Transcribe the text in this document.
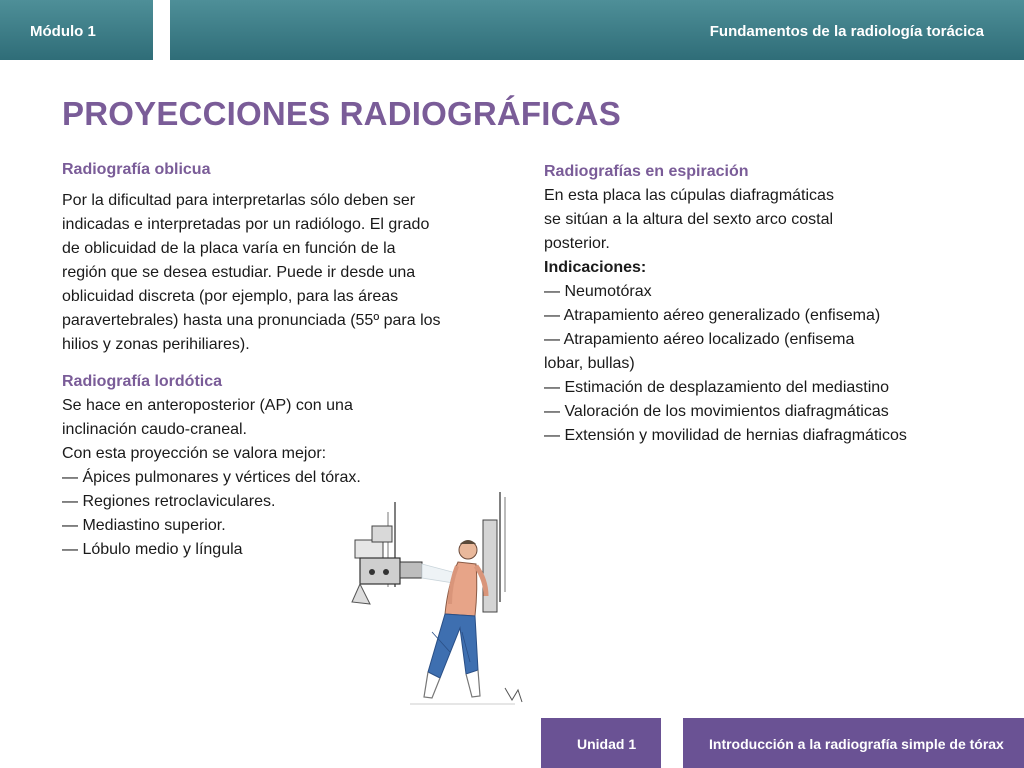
Módulo 1	Fundamentos de la radiología torácica
PROYECCIONES RADIOGRÁFICAS
Radiografía oblicua
Por la dificultad para interpretarlas sólo deben ser
indicadas e interpretadas por un radiólogo. El grado
de oblicuidad de la placa varía en función de la
región que se desea estudiar. Puede ir desde una
oblicuidad discreta (por ejemplo, para las áreas
paravertebrales) hasta una pronunciada (55º para los
hilios y zonas perihiliares).
Radiografía lordótica
Se hace en anteroposterior (AP) con una
inclinación caudo-craneal.
Con esta proyección se valora mejor:
— Ápices pulmonares y vértices del tórax.
— Regiones retroclaviculares.
— Mediastino superior.
— Lóbulo medio y língula
Radiografías en espiración
En esta placa las cúpulas diafragmáticas
se sitúan a la altura del sexto arco costal
posterior.
Indicaciones:
— Neumotórax
— Atrapamiento aéreo generalizado (enfisema)
— Atrapamiento aéreo localizado (enfisema
lobar, bullas)
— Estimación de desplazamiento del mediastino
— Valoración de los movimientos diafragmáticas
— Extensión y movilidad de hernias diafragmáticos
Unidad 1	Introducción a la radiografía simple de tórax
